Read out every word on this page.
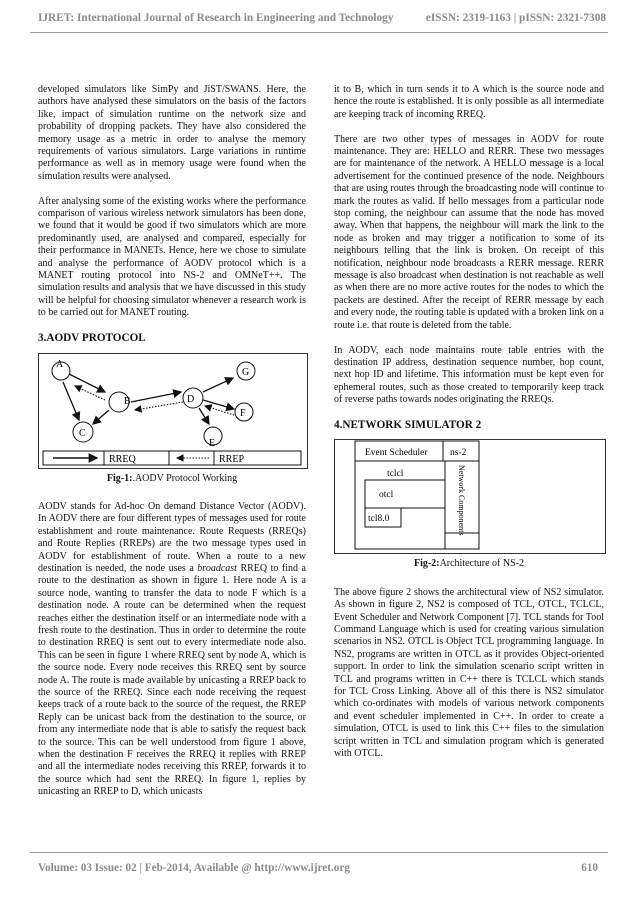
IJRET: International Journal of Research in Engineering and Technology	eISSN: 2319-1163 | pISSN: 2321-7308

developed simulators like SimPy and JiST/SWANS. Here, the authors have analysed these simulators on the basis of the factors like, impact of simulation runtime on the network size and probability of dropping packets. They have also considered the memory usage as a metric in order to analyse the memory requirements of various simulators. Large variations in runtime performance as well as in memory usage were found when the simulation results were analysed.

After analysing some of the existing works where the performance comparison of various wireless network simulators has been done, we found that it would be good if two simulators which are more predominantly used, are analysed and compared, especially for their performance in MANETs. Hence, here we chose to simulate and analyse the performance of AODV protocol which is a MANET routing protocol into NS-2 and OMNeT++. The simulation results and analysis that we have discussed in this study will be helpful for choosing simulator whenever a research work is to be carried out for MANET routing.

3.AODV PROTOCOL
A
B
C
D
E
F
G
RREQ	RREP
Fig-1:.AODV Protocol Working

AODV stands for Ad-hoc On demand Distance Vector (AODV). In AODV there are four different types of messages used for route establishment and route maintenance. Route Requests (RREQs) and Route Replies (RREPs) are the two message types used in AODV for establishment of route. When a route to a new destination is needed, the node uses a broadcast RREQ to find a route to the destination as shown in figure 1. Here node A is a source node, wanting to transfer the data to node F which is a destination node. A route can be determined when the request reaches either the destination itself or an intermediate node with a fresh route to the destination. Thus in order to determine the route to destination RREQ is sent out to every intermediate node also. This can be seen in figure 1 where RREQ sent by node A, which is the source node. Every node receives this RREQ sent by source node A. The route is made available by unicasting a RREP back to the source of the RREQ. Since each node receiving the request keeps track of a route back to the source of the request, the RREP Reply can be unicast back from the destination to the source, or from any intermediate node that is able to satisfy the request back to the source. This can be well understood from figure 1 above, when the destination F receives the RREQ it replies with RREP and all the intermediate nodes receiving this RREP, forwards it to the source which had sent the RREQ. In figure 1, replies by unicasting an RREP to D, which unicasts

it to B, which in turn sends it to A which is the source node and hence the route is established. It is only possible as all intermediate are keeping track of incoming RREQ.

There are two other types of messages in AODV for route maintenance. They are: HELLO and RERR. These two messages are for maintenance of the network. A HELLO message is a local advertisement for the continued presence of the node. Neighbours that are using routes through the broadcasting node will continue to mark the routes as valid. If hello messages from a particular node stop coming, the neighbour can assume that the node has moved away. When that happens, the neighbour will mark the link to the node as broken and may trigger a notification to some of its neighbours telling that the link is broken. On receipt of this notification, neighbour node broadcasts a RERR message. RERR message is also broadcast when destination is not reachable as well as when there are no more active routes for the nodes to which the packets are destined. After the receipt of RERR message by each and every node, the routing table is updated with a broken link on a route i.e. that route is deleted from the table.

In AODV, each node maintains route table entries with the destination IP address, destination sequence number, hop count, next hop ID and lifetime. This information must be kept even for ephemeral routes, such as those created to temporarily keep track of reverse paths towards nodes originating the RREQs.

4.NETWORK SIMULATOR 2
Event Scheduler ns-2
Network Components
tclcl
otcl
tcl8.0
Fig-2:Architecture of NS-2

The above figure 2 shows the architectural view of NS2 simulator. As shown in figure 2, NS2 is composed of TCL, OTCL, TCLCL, Event Scheduler and Network Component [7]. TCL stands for Tool Command Language which is used for creating various simulation scenarios in NS2. OTCL is Object TCL programming language. In NS2, programs are written in OTCL as it provides Object-oriented support. In order to link the simulation scenario script written in TCL and programs written in C++ there is TCLCL which stands for TCL Cross Linking. Above all of this there is NS2 simulator which co-ordinates with models of various network components and event scheduler implemented in C++. In order to create a simulation, OTCL is used to link this C++ files to the simulation script written in TCL and simulation program which is generated with OTCL.

Volume: 03 Issue: 02 | Feb-2014, Available @ http://www.ijret.org	610
